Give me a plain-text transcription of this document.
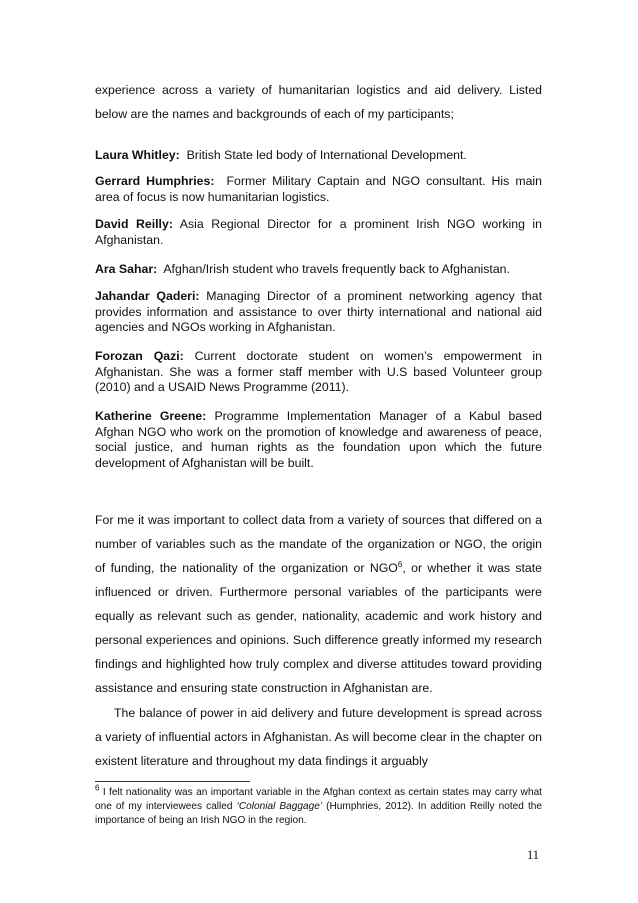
experience across a variety of humanitarian logistics and aid delivery. Listed below are the names and backgrounds of each of my participants;

Laura Whitley: British State led body of International Development.

Gerrard Humphries: Former Military Captain and NGO consultant. His main area of focus is now humanitarian logistics.

David Reilly: Asia Regional Director for a prominent Irish NGO working in Afghanistan.

Ara Sahar: Afghan/Irish student who travels frequently back to Afghanistan.

Jahandar Qaderi: Managing Director of a prominent networking agency that provides information and assistance to over thirty international and national aid agencies and NGOs working in Afghanistan.

Forozan Qazi: Current doctorate student on women’s empowerment in Afghanistan. She was a former staff member with U.S based Volunteer group (2010) and a USAID News Programme (2011).

Katherine Greene: Programme Implementation Manager of a Kabul based Afghan NGO who work on the promotion of knowledge and awareness of peace, social justice, and human rights as the foundation upon which the future development of Afghanistan will be built.

For me it was important to collect data from a variety of sources that differed on a number of variables such as the mandate of the organization or NGO, the origin of funding, the nationality of the organization or NGO$^6$, or whether it was state influenced or driven. Furthermore personal variables of the participants were equally as relevant such as gender, nationality, academic and work history and personal experiences and opinions. Such difference greatly informed my research findings and highlighted how truly complex and diverse attitudes toward providing assistance and ensuring state construction in Afghanistan are.

The balance of power in aid delivery and future development is spread across a variety of influential actors in Afghanistan. As will become clear in the chapter on existent literature and throughout my data findings it arguably

$^6$ I felt nationality was an important variable in the Afghan context as certain states may carry what one of my interviewees called ‘Colonial Baggage’ (Humphries, 2012). In addition Reilly noted the importance of being an Irish NGO in the region.

11
